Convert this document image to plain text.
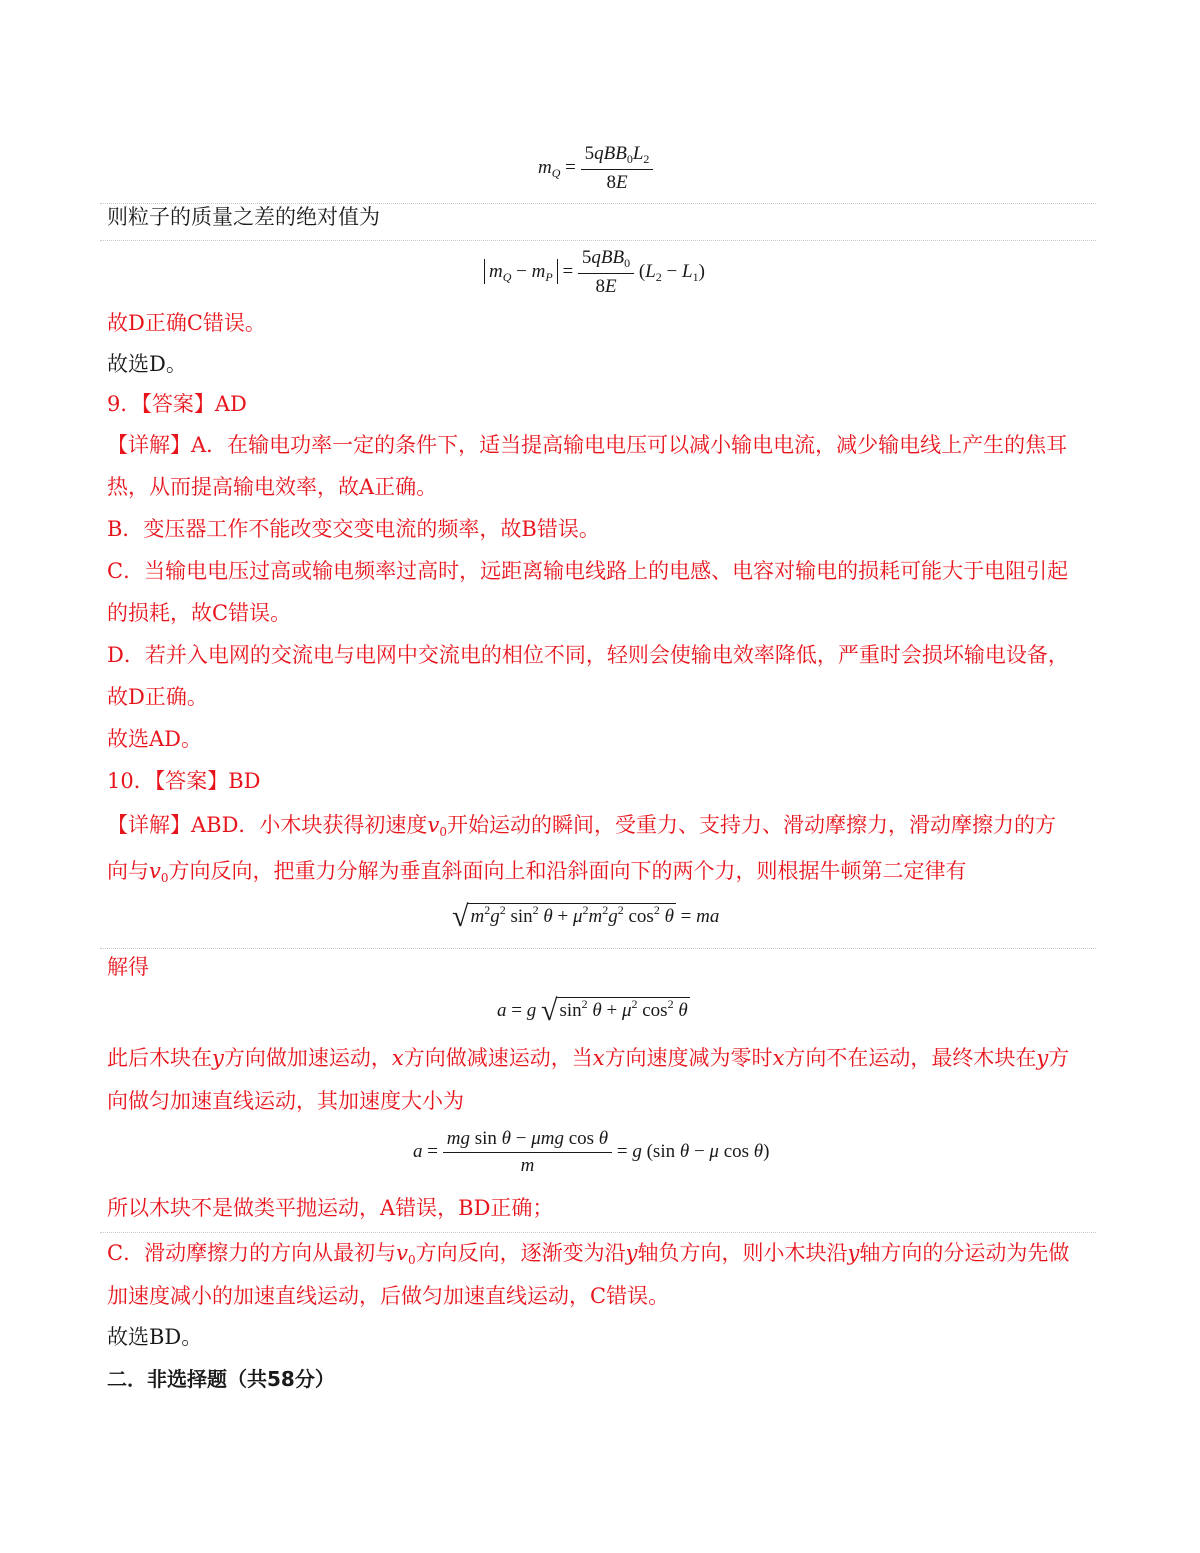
$m_Q = \frac{5qBB_0L_2}{8E}$
则粒子的质量之差的绝对值为
$m_Q - m_P = \frac{5qBB_0}{8E} (L_2 - L_1)$
故D正确C错误。
故选D。
9．【答案】AD
【详解】A．在输电功率一定的条件下，适当提高输电电压可以减小输电电流，减少输电线上产生的焦耳
热，从而提高输电效率，故A正确。
B．变压器工作不能改变交变电流的频率，故B错误。
C．当输电电压过高或输电频率过高时，远距离输电线路上的电感、电容对输电的损耗可能大于电阻引起
的损耗，故C错误。
D．若并入电网的交流电与电网中交流电的相位不同，轻则会使输电效率降低，严重时会损坏输电设备，
故D正确。
故选AD。
10．【答案】BD
【详解】ABD．小木块获得初速度$v_0$开始运动的瞬间，受重力、支持力、滑动摩擦力，滑动摩擦力的方
向与$v_0$方向反向，把重力分解为垂直斜面向上和沿斜面向下的两个力，则根据牛顿第二定律有
√ $m^2g^2$ $\sin^2 \theta + \mu^2m^2g^2$ $\cos^2 \theta$ = ma
解得
a = g √ $\sin^2 \theta + \mu^2$ $\cos^2 \theta$
此后木块在y方向做加速运动，x方向做减速运动，当x方向速度减为零时x方向不在运动，最终木块在y方
向做匀加速直线运动，其加速度大小为
$a = \frac{\text{mg sin θ − μmg cos θ}}{m} = g$ (sin θ − μ cos θ)
所以木块不是做类平抛运动，A错误，BD正确；
C．滑动摩擦力的方向从最初与$v_0$方向反向，逐渐变为沿y轴负方向，则小木块沿y轴方向的分运动为先做
加速度减小的加速直线运动，后做匀加速直线运动，C错误。
故选BD。
二．非选择题（共58分）
